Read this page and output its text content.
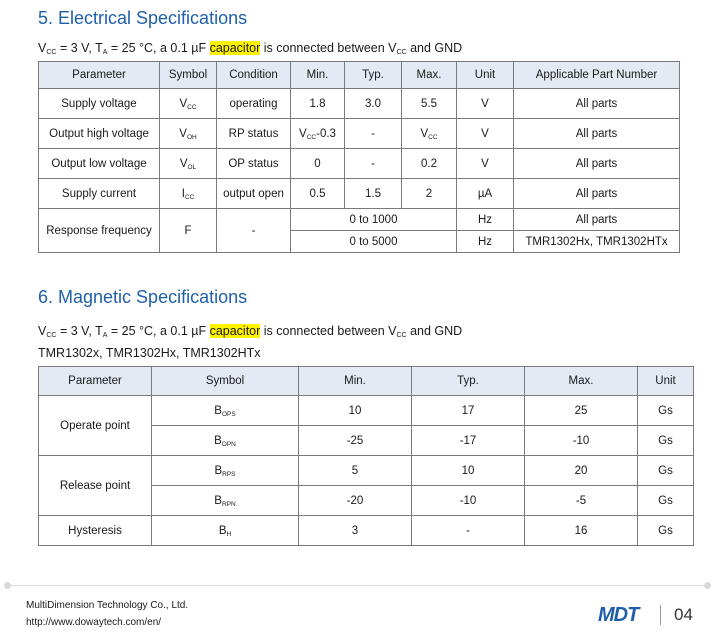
5. Electrical Specifications
$V_{CC} = 3$ V, $T_A = 25$ °C, a 0.1 µF capacitor is connected between $V_{CC}$ and GND
Parameter	Symbol	Condition	Min.	Typ.	Max.	Unit	Applicable Part Number
Supply voltage	$V_{CC}$	operating	1.8	3.0	5.5	V	All parts
Output high voltage	$V_{OH}$	RP status	$V_{CC}-0.3$	-	$V_{CC}$	V	All parts
Output low voltage	$V_{OL}$	OP status	0	-	0.2	V	All parts
Supply current	$I_{CC}$	output open	0.5	1.5	2	µA	All parts
Response frequency	F	-	0 to 1000			Hz	All parts
			0 to 5000			Hz	TMR1302Hx, TMR1302HTx
6. Magnetic Specifications
$V_{CC} = 3$ V, $T_A = 25$ °C, a 0.1 µF capacitor is connected between $V_{CC}$ and GND
TMR1302x, TMR1302Hx, TMR1302HTx
Parameter	Symbol	Min.	Typ.	Max.	Unit
Operate point	$B_{OPS}$	10	17	25	Gs
	$B_{OPN}$	-25	-17	-10	Gs
Release point	$B_{RPS}$	5	10	20	Gs
	$B_{RPN}$	-20	-10	-5	Gs
Hysteresis	$B_H$	3	-	16	Gs
MultiDimension Technology Co., Ltd.
http://www.dowaytech.com/en/	MDT 04
